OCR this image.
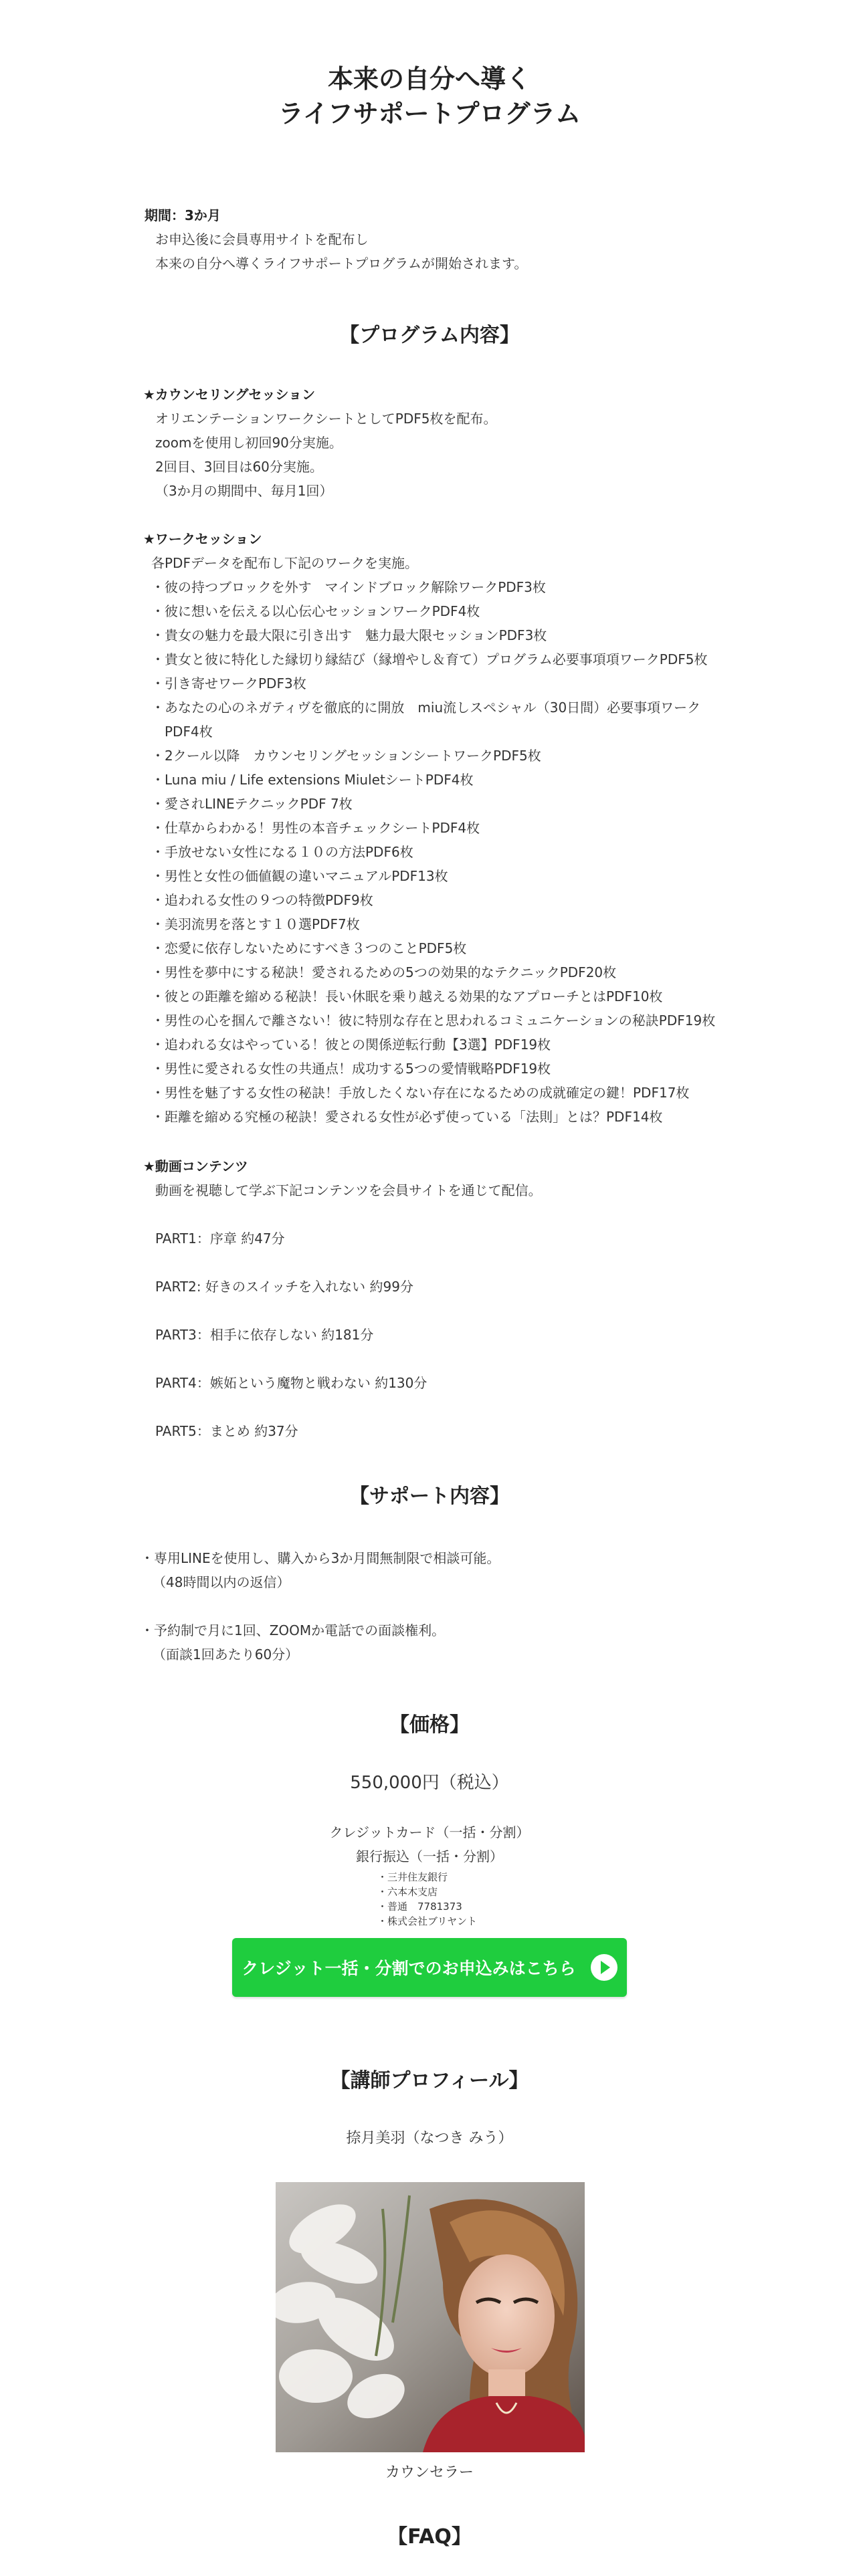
本来の自分へ導く
ライフサポートプログラム
期間：3か月
お申込後に会員専用サイトを配布し
本来の自分へ導くライフサポートプログラムが開始されます。
【プログラム内容】
★カウンセリングセッション
オリエンテーションワークシートとしてPDF5枚を配布。
zoomを使用し初回90分実施。
2回目、3回目は60分実施。
（3か月の期間中、毎月1回）
★ワークセッション
各PDFデータを配布し下記のワークを実施。
・彼の持つブロックを外す　マインドブロック解除ワークPDF3枚
・彼に想いを伝える以心伝心セッションワークPDF4枚
・貴女の魅力を最大限に引き出す　魅力最大限セッションPDF3枚
・貴女と彼に特化した縁切り縁結び（縁増やし＆育て）プログラム必要事項項ワークPDF5枚
・引き寄せワークPDF3枚
・あなたの心のネガティヴを徹底的に開放　miu流しスペシャル（30日間）必要事項ワーク
　PDF4枚
・2クール以降　カウンセリングセッションシートワークPDF5枚
・Luna miu / Life extensions MiuletシートPDF4枚
・愛されLINEテクニックPDF 7枚
・仕草からわかる！男性の本音チェックシートPDF4枚
・手放せない女性になる１０の方法PDF6枚
・男性と女性の価値観の違いマニュアルPDF13枚
・追われる女性の９つの特徴PDF9枚
・美羽流男を落とす１０選PDF7枚
・恋愛に依存しないためにすべき３つのことPDF5枚
・男性を夢中にする秘訣！愛されるための5つの効果的なテクニックPDF20枚
・彼との距離を縮める秘訣！長い休眠を乗り越える効果的なアプローチとはPDF10枚
・男性の心を掴んで離さない！彼に特別な存在と思われるコミュニケーションの秘訣PDF19枚
・追われる女はやっている！彼との関係逆転行動【3選】PDF19枚
・男性に愛される女性の共通点！成功する5つの愛情戦略PDF19枚
・男性を魅了する女性の秘訣！手放したくない存在になるための成就確定の鍵！PDF17枚
・距離を縮める究極の秘訣！愛される女性が必ず使っている「法則」とは？PDF14枚
★動画コンテンツ
動画を視聴して学ぶ下記コンテンツを会員サイトを通じて配信。
PART1：序章 約47分
PART2: 好きのスイッチを入れない 約99分
PART3：相手に依存しない 約181分
PART4：嫉妬という魔物と戦わない 約130分
PART5：まとめ 約37分
【サポート内容】
・専用LINEを使用し、購入から3か月間無制限で相談可能。
（48時間以内の返信）
・予約制で月に1回、ZOOMか電話での面談権利。
（面談1回あたり60分）
【価格】
550,000円（税込）
クレジットカード（一括・分割）
銀行振込（一括・分割）
・三井住友銀行
・六本木支店
・普通　7781373
・株式会社ブリヤント
クレジット一括・分割でのお申込みはこちら
【講師プロフィール】
捺月美羽（なつき みう）
カウンセラー
【FAQ】
